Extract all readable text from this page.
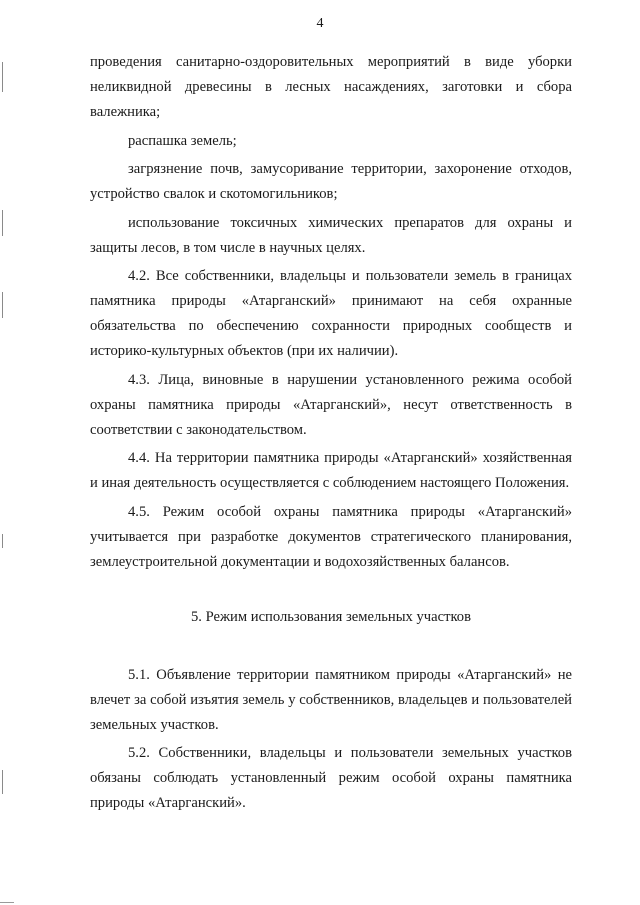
4

проведения санитарно-оздоровительных мероприятий в виде уборки неликвидной древесины в лесных насаждениях, заготовки и сбора валежника;

распашка земель;

загрязнение почв, замусоривание территории, захоронение отходов, устройство свалок и скотомогильников;

использование токсичных химических препаратов для охраны и защиты лесов, в том числе в научных целях.

4.2. Все собственники, владельцы и пользователи земель в границах памятника природы «Атарганский» принимают на себя охранные обязательства по обеспечению сохранности природных сообществ и историко-культурных объектов (при их наличии).

4.3. Лица, виновные в нарушении установленного режима особой охраны памятника природы «Атарганский», несут ответственность в соответствии с законодательством.

4.4. На территории памятника природы «Атарганский» хозяйственная и иная деятельность осуществляется с соблюдением настоящего Положения.

4.5. Режим особой охраны памятника природы «Атарганский» учитывается при разработке документов стратегического планирования, землеустроительной документации и водохозяйственных балансов.

5. Режим использования земельных участков

5.1. Объявление территории памятником природы «Атарганский» не влечет за собой изъятия земель у собственников, владельцев и пользователей земельных участков.

5.2. Собственники, владельцы и пользователи земельных участков обязаны соблюдать установленный режим особой охраны памятника природы «Атарганский».
